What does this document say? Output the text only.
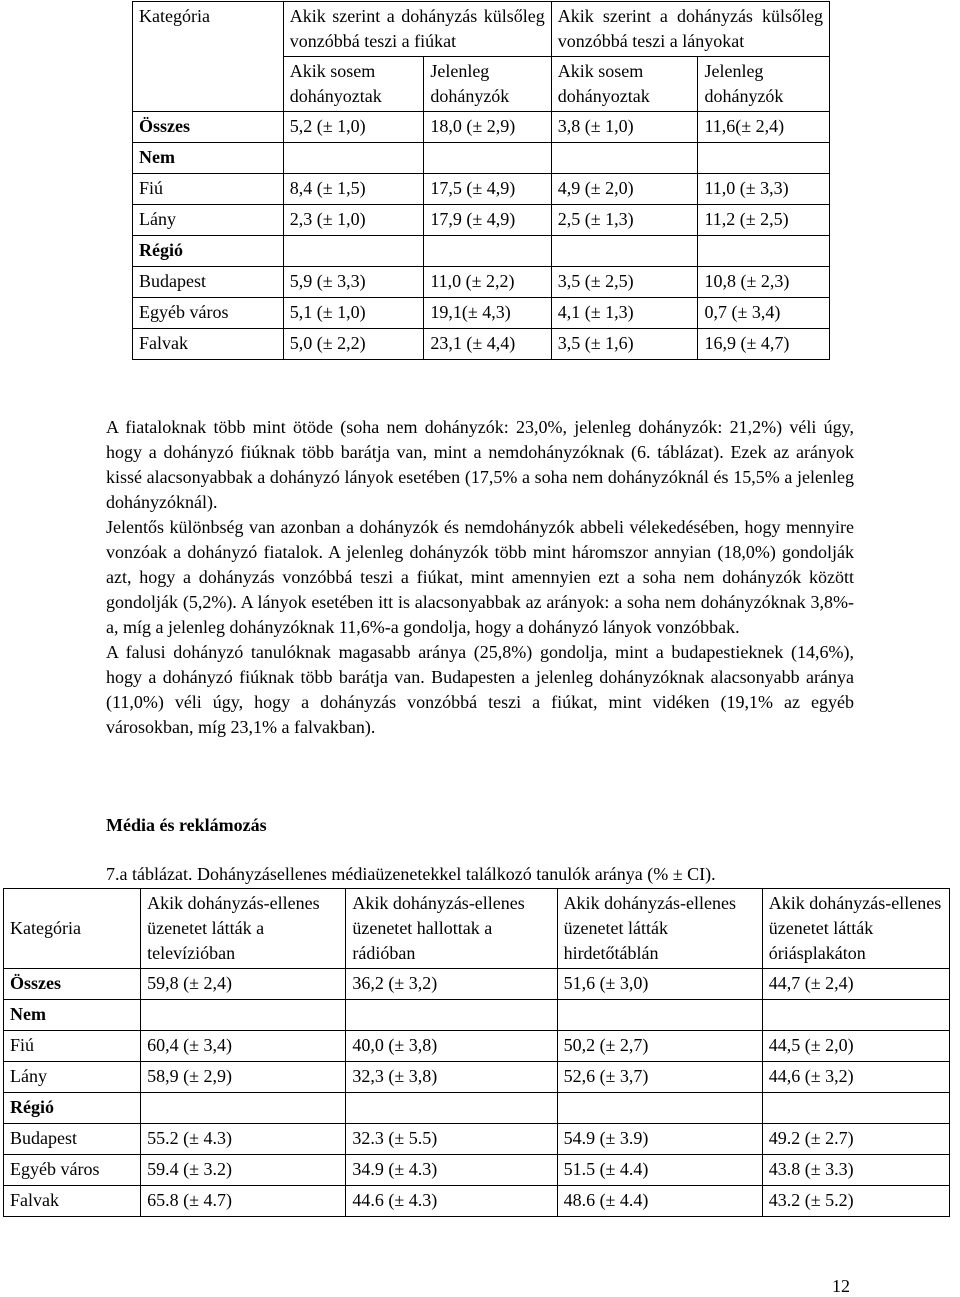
Kategória	Akik szerint a dohányzás külsőleg vonzóbbá teszi a fiúkat		Akik szerint a dohányzás külsőleg vonzóbbá teszi a lányokat	
	Akik sosem dohányoztak	Jelenleg dohányzók	Akik sosem dohányoztak	Jelenleg dohányzók
Összes	5,2 (± 1,0)	18,0 (± 2,9)	3,8 (± 1,0)	11,6(± 2,4)
Nem				
Fiú	8,4 (± 1,5)	17,5 (± 4,9)	4,9 (± 2,0)	11,0 (± 3,3)
Lány	2,3 (± 1,0)	17,9 (± 4,9)	2,5 (± 1,3)	11,2 (± 2,5)
Régió				
Budapest	5,9 (± 3,3)	11,0 (± 2,2)	3,5 (± 2,5)	10,8 (± 2,3)
Egyéb város	5,1 (± 1,0)	19,1(± 4,3)	4,1 (± 1,3)	0,7 (± 3,4)
Falvak	5,0 (± 2,2)	23,1 (± 4,4)	3,5 (± 1,6)	16,9 (± 4,7)

A fiataloknak több mint ötöde (soha nem dohányzók: 23,0%, jelenleg dohányzók: 21,2%) véli úgy, hogy a dohányzó fiúknak több barátja van, mint a nemdohányzóknak (6. táblázat). Ezek az arányok kissé alacsonyabbak a dohányzó lányok esetében (17,5% a soha nem dohányzóknál és 15,5% a jelenleg dohányzóknál).

Jelentős különbség van azonban a dohányzók és nemdohányzók abbeli vélekedésében, hogy mennyire vonzóak a dohányzó fiatalok. A jelenleg dohányzók több mint háromszor annyian (18,0%) gondolják azt, hogy a dohányzás vonzóbbá teszi a fiúkat, mint amennyien ezt a soha nem dohányzók között gondolják (5,2%). A lányok esetében itt is alacsonyabbak az arányok: a soha nem dohányzóknak 3,8%-a, míg a jelenleg dohányzóknak 11,6%-a gondolja, hogy a dohányzó lányok vonzóbbak.

A falusi dohányzó tanulóknak magasabb aránya (25,8%) gondolja, mint a budapestieknek (14,6%), hogy a dohányzó fiúknak több barátja van. Budapesten a jelenleg dohányzóknak alacsonyabb aránya (11,0%) véli úgy, hogy a dohányzás vonzóbbá teszi a fiúkat, mint vidéken (19,1% az egyéb városokban, míg 23,1% a falvakban).

Média és reklámozás
7.a táblázat. Dohányzásellenes médiaüzenetekkel találkozó tanulók aránya (% ± CI).
Kategória	Akik dohányzás-ellenes üzenetet látták a televízióban	Akik dohányzás-ellenes üzenetet hallottak a rádióban	Akik dohányzás-ellenes üzenetet látták hirdetőtáblán	Akik dohányzás-ellenes üzenetet látták óriásplakáton
Összes	59,8 (± 2,4)	36,2 (± 3,2)	51,6 (± 3,0)	44,7 (± 2,4)
Nem				
Fiú	60,4 (± 3,4)	40,0 (± 3,8)	50,2 (± 2,7)	44,5 (± 2,0)
Lány	58,9 (± 2,9)	32,3 (± 3,8)	52,6 (± 3,7)	44,6 (± 3,2)
Régió				
Budapest	55.2 (± 4.3)	32.3 (± 5.5)	54.9 (± 3.9)	49.2 (± 2.7)
Egyéb város	59.4 (± 3.2)	34.9 (± 4.3)	51.5 (± 4.4)	43.8 (± 3.3)
Falvak	65.8 (± 4.7)	44.6 (± 4.3)	48.6 (± 4.4)	43.2 (± 5.2)
12
